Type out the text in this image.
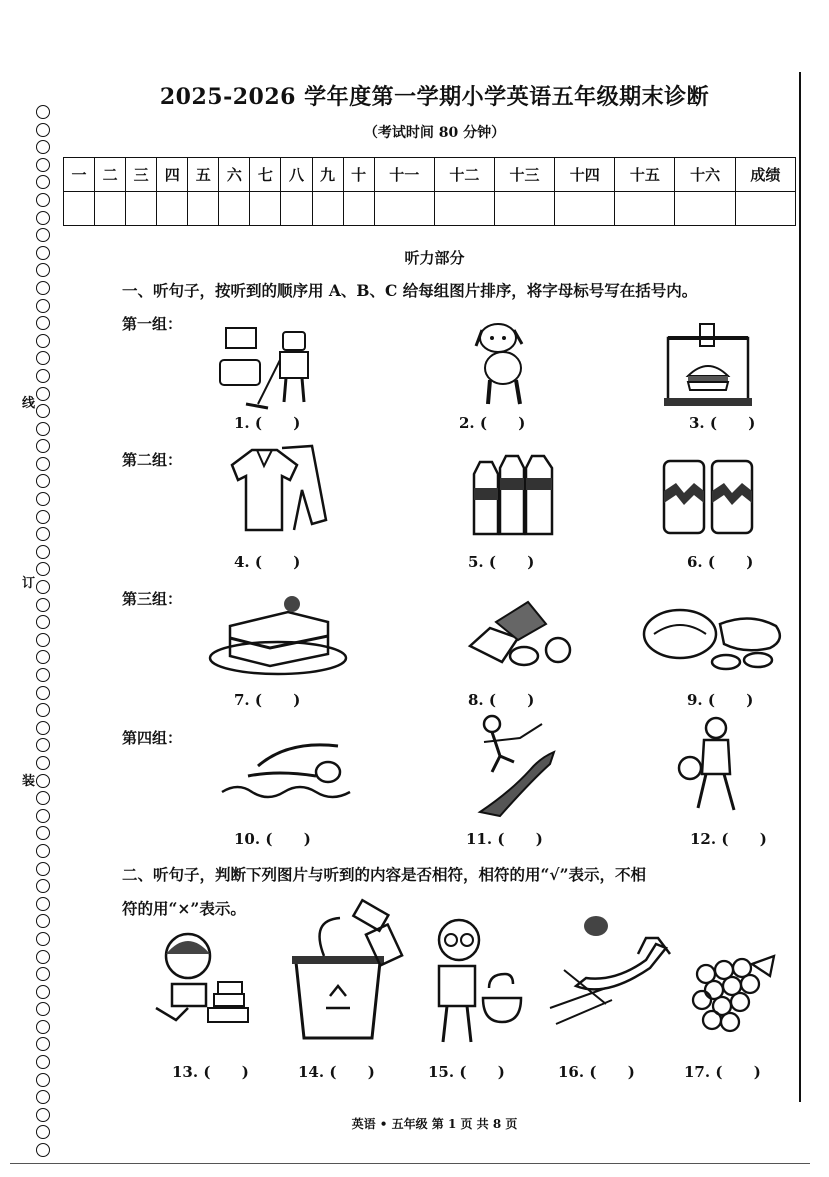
线
订
装
2025-2026 学年度第一学期小学英语五年级期末诊断
（考试时间 80 分钟）
一	二	三	四	五	六	七	八	九	十	十一	十二	十三	十四	十五	十六	成绩

听力部分
一、听句子，按听到的顺序用 A、B、C 给每组图片排序，将字母标号写在括号内。
第一组：
第二组：
第三组：
第四组：
1. (      )	2. (      )	3. (      )
4. (      )	5. (      )	6. (      )
7. (      )	8. (      )	9. (      )
10. (      )	11. (      )	12. (      )
二、听句子，判断下列图片与听到的内容是否相符，相符的用“√”表示，不相
符的用“×”表示。
13. (      )	14. (      )	15. (      )	16. (      )	17. (      )
英语 • 五年级 第 1 页 共 8 页
